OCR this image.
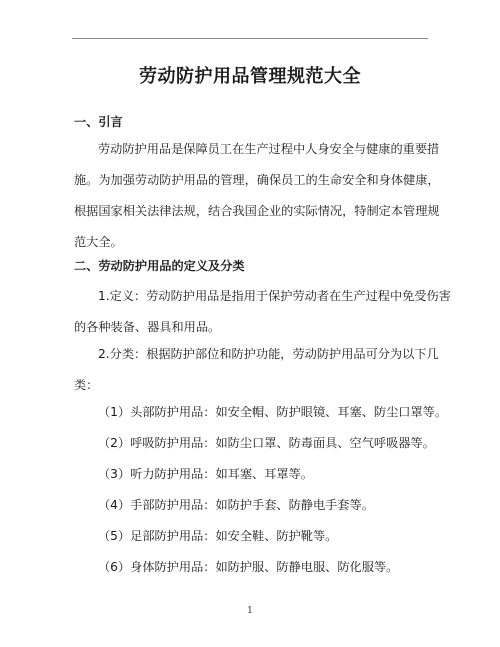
劳动防护用品管理规范大全
一、引言
劳动防护用品是保障员工在生产过程中人身安全与健康的重要措
施。为加强劳动防护用品的管理，确保员工的生命安全和身体健康，
根据国家相关法律法规，结合我国企业的实际情况，特制定本管理规
范大全。
二、劳动防护用品的定义及分类
1.定义：劳动防护用品是指用于保护劳动者在生产过程中免受伤害
的各种装备、器具和用品。
2.分类：根据防护部位和防护功能，劳动防护用品可分为以下几
类：
（1）头部防护用品：如安全帽、防护眼镜、耳塞、防尘口罩等。
（2）呼吸防护用品：如防尘口罩、防毒面具、空气呼吸器等。
（3）听力防护用品：如耳塞、耳罩等。
（4）手部防护用品：如防护手套、防静电手套等。
（5）足部防护用品：如安全鞋、防护靴等。
（6）身体防护用品：如防护服、防静电服、防化服等。
1
